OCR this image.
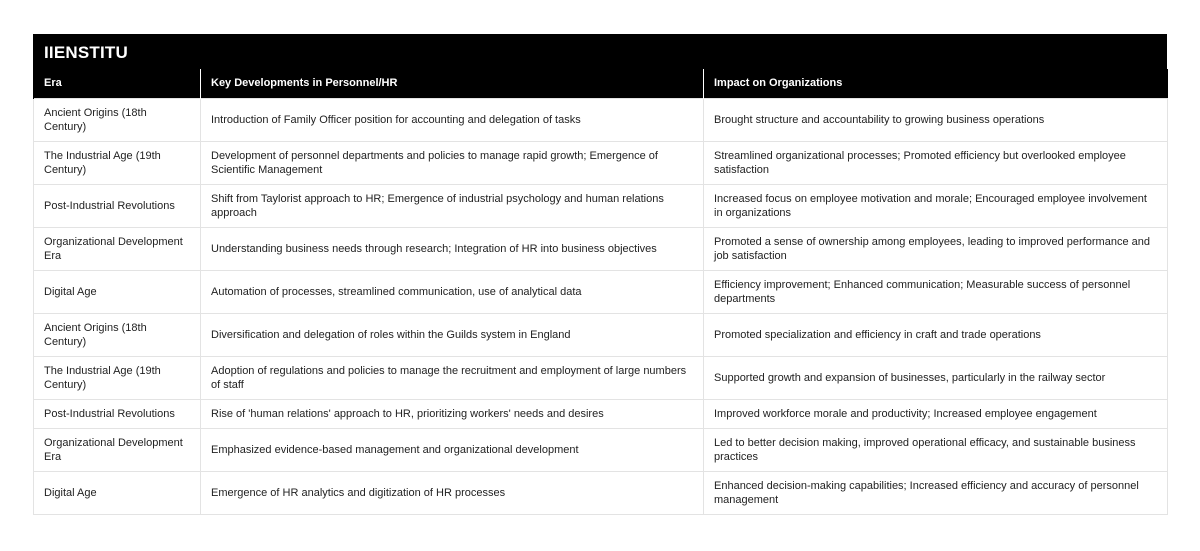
IIENSTITU
Era	Key Developments in Personnel/HR	Impact on Organizations
Ancient Origins (18th Century)	Introduction of Family Officer position for accounting and delegation of tasks	Brought structure and accountability to growing business operations
The Industrial Age (19th Century)	Development of personnel departments and policies to manage rapid growth; Emergence of Scientific Management	Streamlined organizational processes; Promoted efficiency but overlooked employee satisfaction
Post-Industrial Revolutions	Shift from Taylorist approach to HR; Emergence of industrial psychology and human relations approach	Increased focus on employee motivation and morale; Encouraged employee involvement in organizations
Organizational Development Era	Understanding business needs through research; Integration of HR into business objectives	Promoted a sense of ownership among employees, leading to improved performance and job satisfaction
Digital Age	Automation of processes, streamlined communication, use of analytical data	Efficiency improvement; Enhanced communication; Measurable success of personnel departments
Ancient Origins (18th Century)	Diversification and delegation of roles within the Guilds system in England	Promoted specialization and efficiency in craft and trade operations
The Industrial Age (19th Century)	Adoption of regulations and policies to manage the recruitment and employment of large numbers of staff	Supported growth and expansion of businesses, particularly in the railway sector
Post-Industrial Revolutions	Rise of 'human relations' approach to HR, prioritizing workers' needs and desires	Improved workforce morale and productivity; Increased employee engagement
Organizational Development Era	Emphasized evidence-based management and organizational development	Led to better decision making, improved operational efficacy, and sustainable business practices
Digital Age	Emergence of HR analytics and digitization of HR processes	Enhanced decision-making capabilities; Increased efficiency and accuracy of personnel management
